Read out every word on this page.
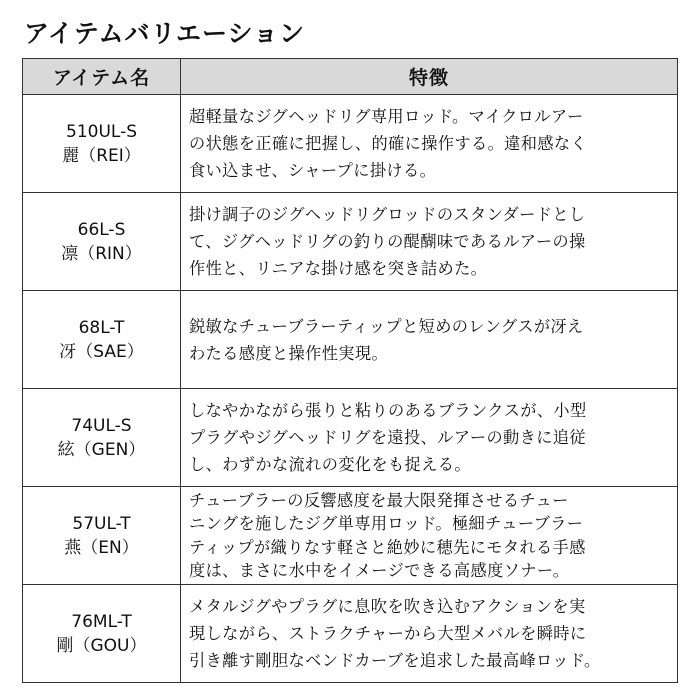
アイテムバリエーション
アイテム名	特徴

510UL-S
麗（REI）	超軽量なジグヘッドリグ専用ロッド。マイクロルアー
の状態を正確に把握し、的確に操作する。違和感なく
食い込ませ、シャープに掛ける。

66L-S
凛（RIN）	掛け調子のジグヘッドリグロッドのスタンダードとし
て、ジグヘッドリグの釣りの醍醐味であるルアーの操
作性と、リニアな掛け感を突き詰めた。

68L-T
冴（SAE）	鋭敏なチューブラーティップと短めのレングスが冴え
わたる感度と操作性実現。

74UL-S
絃（GEN）	しなやかながら張りと粘りのあるブランクスが、小型
プラグやジグヘッドリグを遠投、ルアーの動きに追従
し、わずかな流れの変化をも捉える。

57UL-T
燕（EN）	チューブラーの反響感度を最大限発揮させるチュー
ニングを施したジグ単専用ロッド。極細チューブラー
ティップが織りなす軽さと絶妙に穂先にモタれる手感
度は、まさに水中をイメージできる高感度ソナー。

76ML-T
剛（GOU）	メタルジグやプラグに息吹を吹き込むアクションを実
現しながら、ストラクチャーから大型メバルを瞬時に
引き離す剛胆なベンドカーブを追求した最高峰ロッド。
